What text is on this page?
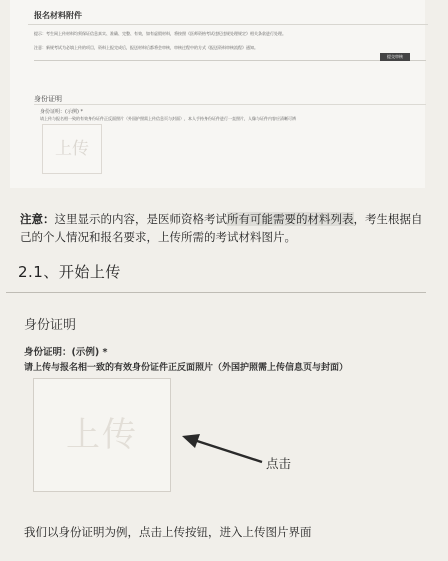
报名材料附件
提示：考生网上传材料均须保证信息真实、准确、完整、有效，如有虚假材料，将按照《医师资格考试违纪违规处理规定》相关条款进行处理。
注意：新规考试为必填上传的项目，资料上报完成后，报送材料后都将会审核，审核过程中的方式《报送资料审核流程》通知。
提交审核
身份证明
身份证明：(示例) *
请上传与报名相一致的有效身份证件正反面照片（外国护照需上传信息页与封面），本人手持身份证件进行一直照片，人像与证件内容应清晰可辨
上传
注意：这里显示的内容，是医师资格考试所有可能需要的材料列表，考生根据自己的个人情况和报名要求，上传所需的考试材料图片。
2.1、开始上传
身份证明
身份证明：(示例) *
请上传与报名相一致的有效身份证件正反面照片（外国护照需上传信息页与封面）
上传
点击
我们以身份证明为例，点击上传按钮，进入上传图片界面
